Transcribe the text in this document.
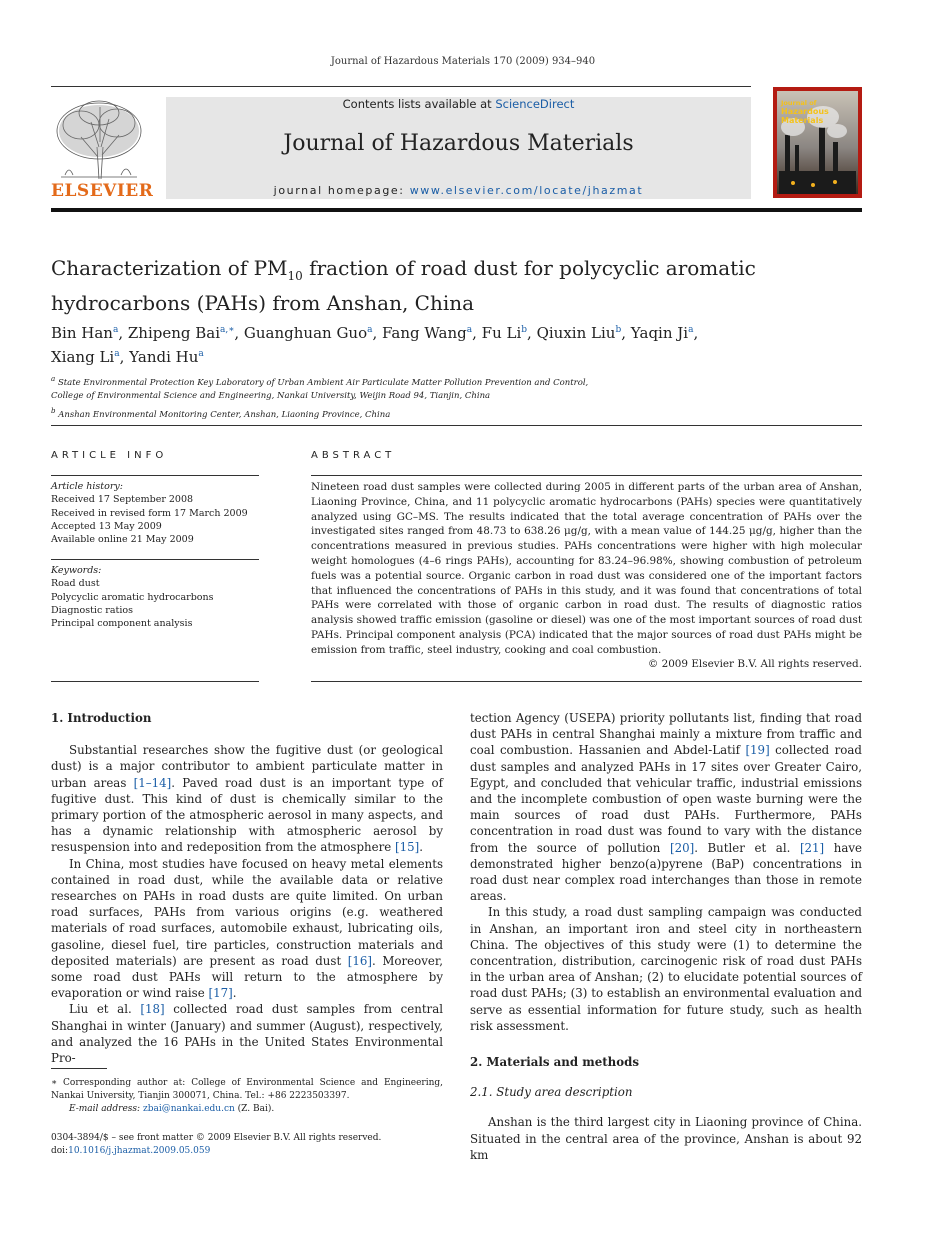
Journal of Hazardous Materials 170 (2009) 934–940
ELSEVIER
Contents lists available at ScienceDirect
Journal of Hazardous Materials
journal homepage: www.elsevier.com/locate/jhazmat
Journal of
Hazardous
Materials
Characterization of $PM_{10}$ fraction of road dust for polycyclic aromatic hydrocarbons (PAHs) from Anshan, China
Bin Han$^a$, Zhipeng Bai$^{a,∗}$, Guanghuan Guo$^a$, Fang Wang$^a$, Fu Li$^b$, Qiuxin Liu$^b$, Yaqin Ji$^a$,
Xiang Li$^a$, Yandi Hu$^a$
$^a$ State Environmental Protection Key Laboratory of Urban Ambient Air Particulate Matter Pollution Prevention and Control,
College of Environmental Science and Engineering, Nankai University, Weijin Road 94, Tianjin, China
$^b$ Anshan Environmental Monitoring Center, Anshan, Liaoning Province, China
ARTICLE INFO
Article history:
Received 17 September 2008
Received in revised form 17 March 2009
Accepted 13 May 2009
Available online 21 May 2009
Keywords:
Road dust
Polycyclic aromatic hydrocarbons
Diagnostic ratios
Principal component analysis
ABSTRACT
Nineteen road dust samples were collected during 2005 in different parts of the urban area of Anshan, Liaoning Province, China, and 11 polycyclic aromatic hydrocarbons (PAHs) species were quantitatively analyzed using GC–MS. The results indicated that the total average concentration of PAHs over the investigated sites ranged from 48.73 to 638.26 μg/g, with a mean value of 144.25 μg/g, higher than the concentrations measured in previous studies. PAHs concentrations were higher with high molecular weight homologues (4–6 rings PAHs), accounting for 83.24–96.98%, showing combustion of petroleum fuels was a potential source. Organic carbon in road dust was considered one of the important factors that influenced the concentrations of PAHs in this study, and it was found that concentrations of total PAHs were correlated with those of organic carbon in road dust. The results of diagnostic ratios analysis showed traffic emission (gasoline or diesel) was one of the most important sources of road dust PAHs. Principal component analysis (PCA) indicated that the major sources of road dust PAHs might be emission from traffic, steel industry, cooking and coal combustion.
© 2009 Elsevier B.V. All rights reserved.
1. Introduction

Substantial researches show the fugitive dust (or geological dust) is a major contributor to ambient particulate matter in urban areas [1–14]. Paved road dust is an important type of fugitive dust. This kind of dust is chemically similar to the primary portion of the atmospheric aerosol in many aspects, and has a dynamic relationship with atmospheric aerosol by resuspension into and redeposition from the atmosphere [15].

In China, most studies have focused on heavy metal elements contained in road dust, while the available data or relative researches on PAHs in road dusts are quite limited. On urban road surfaces, PAHs from various origins (e.g. weathered materials of road surfaces, automobile exhaust, lubricating oils, gasoline, diesel fuel, tire particles, construction materials and deposited materials) are present as road dust [16]. Moreover, some road dust PAHs will return to the atmosphere by evaporation or wind raise [17].

Liu et al. [18] collected road dust samples from central Shanghai in winter (January) and summer (August), respectively, and analyzed the 16 PAHs in the United States Environmental Pro-

tection Agency (USEPA) priority pollutants list, finding that road dust PAHs in central Shanghai mainly a mixture from traffic and coal combustion. Hassanien and Abdel-Latif [19] collected road dust samples and analyzed PAHs in 17 sites over Greater Cairo, Egypt, and concluded that vehicular traffic, industrial emissions and the incomplete combustion of open waste burning were the main sources of road dust PAHs. Furthermore, PAHs concentration in road dust was found to vary with the distance from the source of pollution [20]. Butler et al. [21] have demonstrated higher benzo(a)pyrene (BaP) concentrations in road dust near complex road interchanges than those in remote areas.

In this study, a road dust sampling campaign was conducted in Anshan, an important iron and steel city in northeastern China. The objectives of this study were (1) to determine the concentration, distribution, carcinogenic risk of road dust PAHs in the urban area of Anshan; (2) to elucidate potential sources of road dust PAHs; (3) to establish an environmental evaluation and serve as essential information for future study, such as health risk assessment.

2. Materials and methods
2.1. Study area description

Anshan is the third largest city in Liaoning province of China. Situated in the central area of the province, Anshan is about 92 km

∗ Corresponding author at: College of Environmental Science and Engineering, Nankai University, Tianjin 300071, China. Tel.: +86 2223503397.
E-mail address: zbai@nankai.edu.cn (Z. Bai).
0304-3894/$ – see front matter © 2009 Elsevier B.V. All rights reserved.
doi:10.1016/j.jhazmat.2009.05.059
